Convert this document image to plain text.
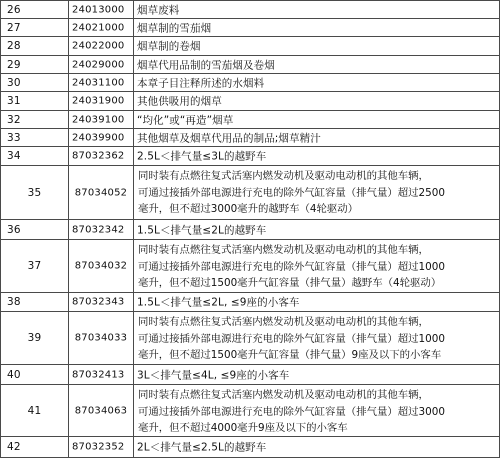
26	24013000	烟草废料
27	24021000	烟草制的雪茄烟
28	24022000	烟草制的卷烟
29	24029000	烟草代用品制的雪茄烟及卷烟
30	24031100	本章子目注释所述的水烟料
31	24031900	其他供吸用的烟草
32	24039100	“均化”或“再造”烟草
33	24039900	其他烟草及烟草代用品的制品;烟草精汁
34	87032362	2.5L＜排气量≤3L的越野车
35	87034052
同时装有点燃往复式活塞内燃发动机及驱动电动机的其他车辆，
可通过接插外部电源进行充电的除外气缸容量（排气量）超过2500
毫升，但不超过3000毫升的越野车（4轮驱动）
36	87032342	1.5L＜排气量≤2L的越野车
37	87034032
同时装有点燃往复式活塞内燃发动机及驱动电动机的其他车辆，
可通过接插外部电源进行充电的除外气缸容量（排气量）超过1000
毫升，但不超过1500毫升气缸容量（排气量）越野车（4轮驱动）
38	87032343	1.5L＜排气量≤2L, ≤9座的小客车
39	87034033
同时装有点燃往复式活塞内燃发动机及驱动电动机的其他车辆，
可通过接插外部电源进行充电的除外气缸容量（排气量）超过1000
毫升，但不超过1500毫升气缸容量（排气量）9座及以下的小客车
40	87032413	3L＜排气量≤4L, ≤9座的小客车
41	87034063
同时装有点燃往复式活塞内燃发动机及驱动电动机的其他车辆，
可通过接插外部电源进行充电的除外气缸容量（排气量）超过3000
毫升，但不超过4000毫升9座及以下的小客车
42	87032352	2L＜排气量≤2.5L的越野车
